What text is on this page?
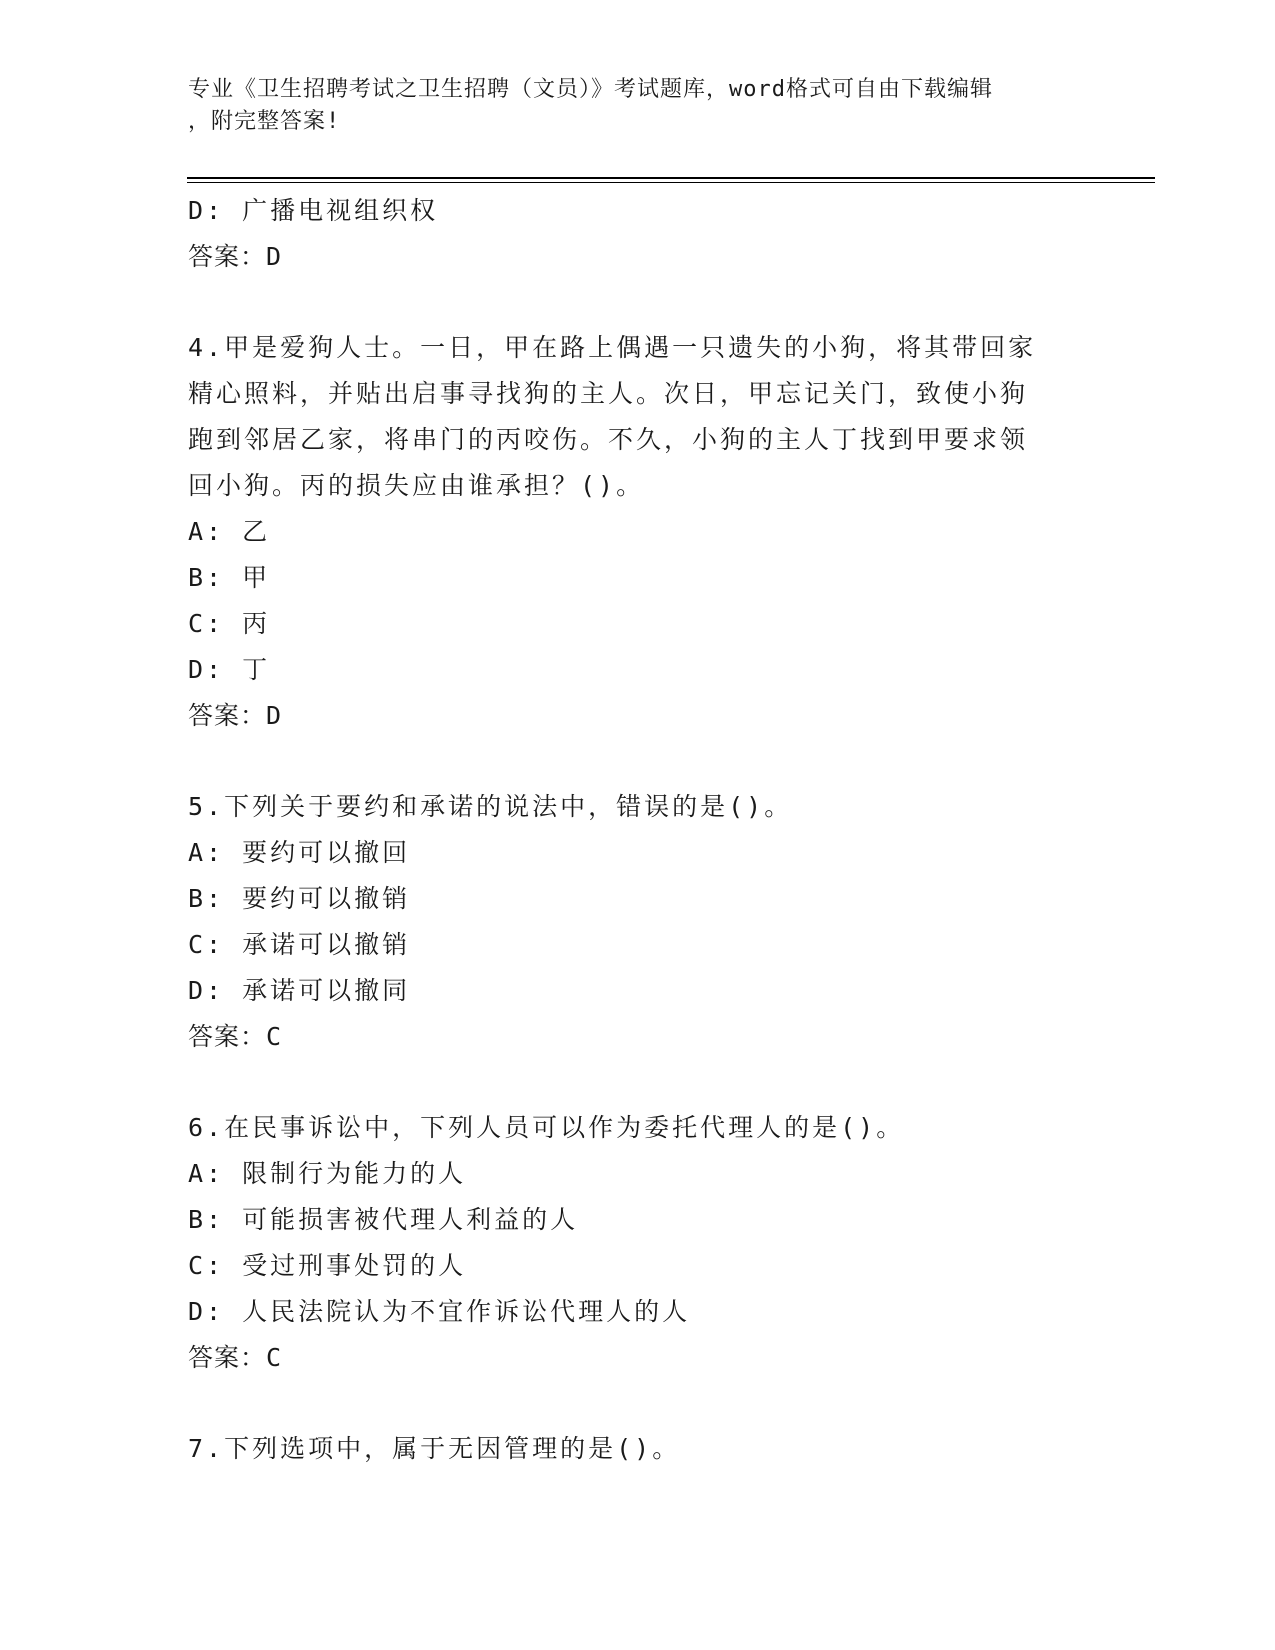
专业《卫生招聘考试之卫生招聘（文员）》考试题库，word格式可自由下载编辑
，附完整答案!
D: 广播电视组织权
答案：D
4.甲是爱狗人士。一日，甲在路上偶遇一只遗失的小狗，将其带回家
精心照料，并贴出启事寻找狗的主人。次日，甲忘记关门，致使小狗
跑到邻居乙家，将串门的丙咬伤。不久，小狗的主人丁找到甲要求领
回小狗。丙的损失应由谁承担？()。
A: 乙
B: 甲
C: 丙
D: 丁
答案：D
5.下列关于要约和承诺的说法中，错误的是()。
A: 要约可以撤回
B: 要约可以撤销
C: 承诺可以撤销
D: 承诺可以撤同
答案：C
6.在民事诉讼中，下列人员可以作为委托代理人的是()。
A: 限制行为能力的人
B: 可能损害被代理人利益的人
C: 受过刑事处罚的人
D: 人民法院认为不宜作诉讼代理人的人
答案：C
7.下列选项中，属于无因管理的是()。
